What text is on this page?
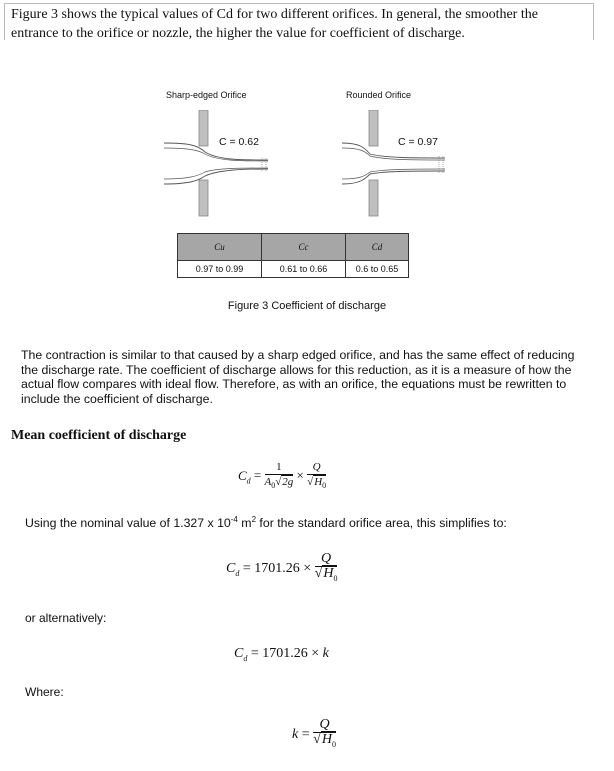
Figure 3 shows the typical values of Cd for two different orifices. In general, the smoother the entrance to the orifice or nozzle, the higher the value for coefficient of discharge.
Sharp-edged Orifice	Rounded Orifice
C = 0.62	C = 0.97
Cu	Cc	Cd
0.97 to 0.99	0.61 to 0.66	0.6 to 0.65
Figure 3 Coefficient of discharge
The contraction is similar to that caused by a sharp edged orifice, and has the same effect of reducing the discharge rate. The coefficient of discharge allows for this reduction, as it is a measure of how the actual flow compares with ideal flow. Therefore, as with an orifice, the equations must be rewritten to include the coefficient of discharge.
Mean coefficient of discharge
$C_d = \frac{1}{A_0√2g} \times \frac{Q}{√H_0}$
Using the nominal value of 1.327 x $10^{-4}$ $m^2$ for the standard orifice area, this simplifies to:
$C_d = 1701.26 \times \frac{Q}{√H_0}$
or alternatively:
$C_d = 1701.26 \times k$
Where:
$k = \frac{Q}{√H_0}$
